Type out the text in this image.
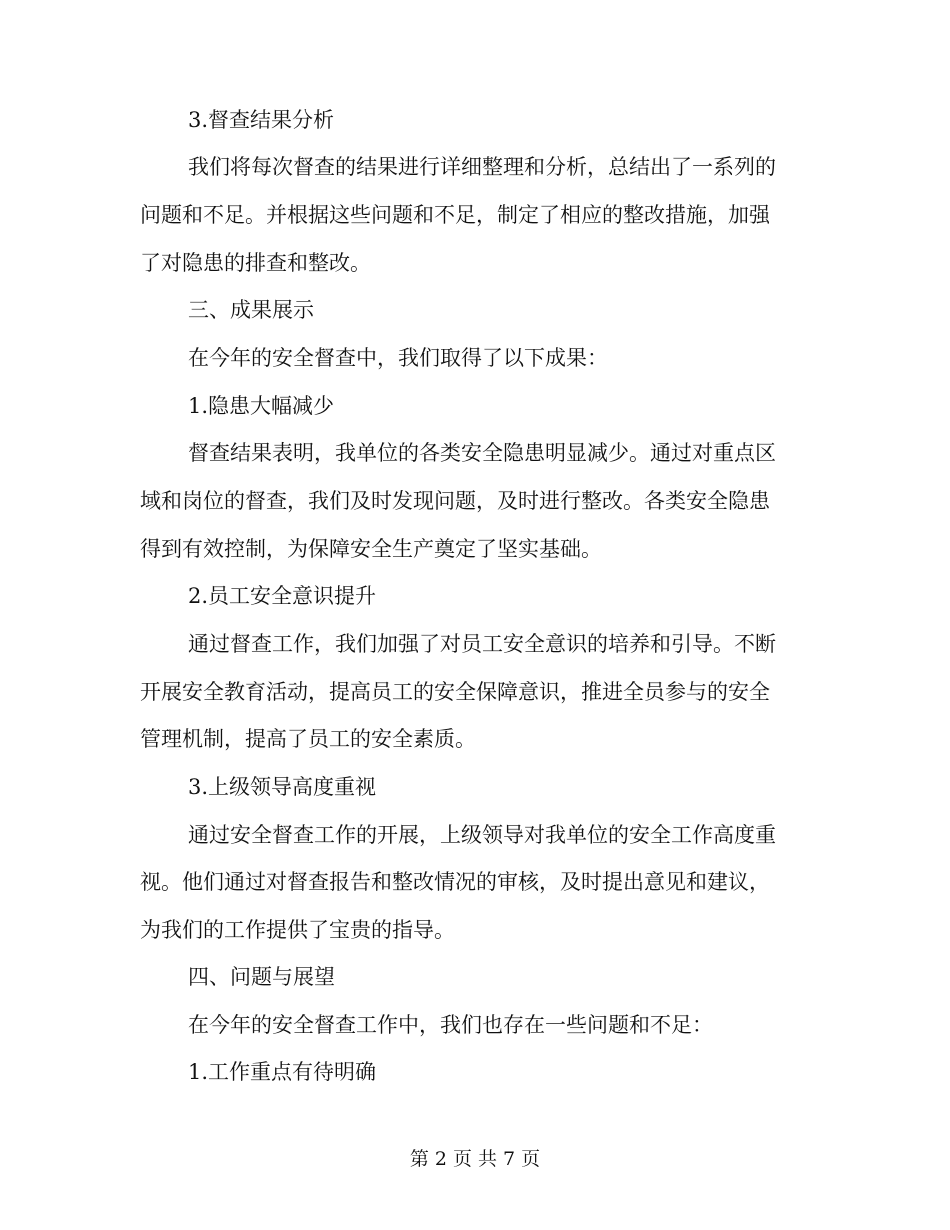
3.督查结果分析
我们将每次督查的结果进行详细整理和分析，总结出了一系列的
问题和不足。并根据这些问题和不足，制定了相应的整改措施，加强
了对隐患的排查和整改。
三、成果展示
在今年的安全督查中，我们取得了以下成果：
1.隐患大幅减少
督查结果表明，我单位的各类安全隐患明显减少。通过对重点区
域和岗位的督查，我们及时发现问题，及时进行整改。各类安全隐患
得到有效控制，为保障安全生产奠定了坚实基础。
2.员工安全意识提升
通过督查工作，我们加强了对员工安全意识的培养和引导。不断
开展安全教育活动，提高员工的安全保障意识，推进全员参与的安全
管理机制，提高了员工的安全素质。
3.上级领导高度重视
通过安全督查工作的开展，上级领导对我单位的安全工作高度重
视。他们通过对督查报告和整改情况的审核，及时提出意见和建议，
为我们的工作提供了宝贵的指导。
四、问题与展望
在今年的安全督查工作中，我们也存在一些问题和不足：
1.工作重点有待明确
第 2 页 共 7 页
